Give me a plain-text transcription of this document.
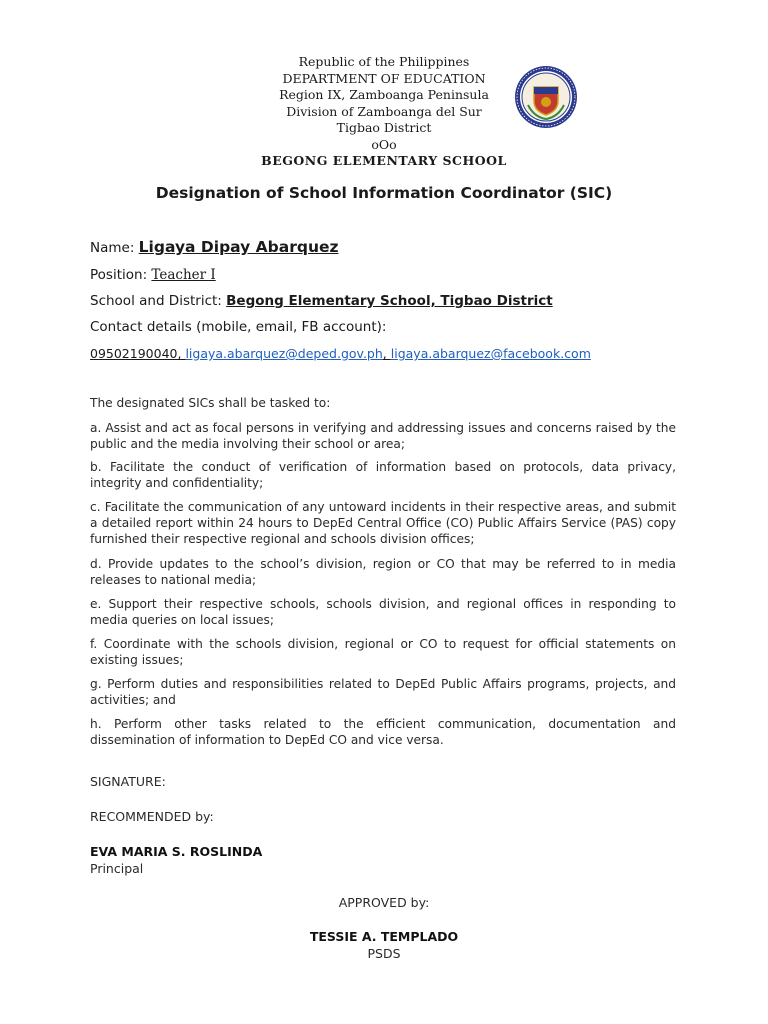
Republic of the Philippines
DEPARTMENT OF EDUCATION
Region IX, Zamboanga Peninsula
Division of Zamboanga del Sur
Tigbao District
oOo
BEGONG ELEMENTARY SCHOOL
Designation of School Information Coordinator (SIC)
Name: Ligaya Dipay Abarquez
Position: Teacher I
School and District: Begong Elementary School, Tigbao District
Contact details (mobile, email, FB account):
09502190040, ligaya.abarquez@deped.gov.ph, ligaya.abarquez@facebook.com
The designated SICs shall be tasked to:
a. Assist and act as focal persons in verifying and addressing issues and concerns raised by the public and the media involving their school or area;
b. Facilitate the conduct of verification of information based on protocols, data privacy, integrity and confidentiality;
c. Facilitate the communication of any untoward incidents in their respective areas, and submit a detailed report within 24 hours to DepEd Central Office (CO) Public Affairs Service (PAS) copy furnished their respective regional and schools division offices;
d. Provide updates to the school’s division, region or CO that may be referred to in media releases to national media;
e. Support their respective schools, schools division, and regional offices in responding to media queries on local issues;
f. Coordinate with the schools division, regional or CO to request for official statements on existing issues;
g. Perform duties and responsibilities related to DepEd Public Affairs programs, projects, and activities; and
h. Perform other tasks related to the efficient communication, documentation and dissemination of information to DepEd CO and vice versa.
SIGNATURE:
RECOMMENDED by:
EVA MARIA S. ROSLINDA
Principal
APPROVED by:
TESSIE A. TEMPLADO
PSDS
